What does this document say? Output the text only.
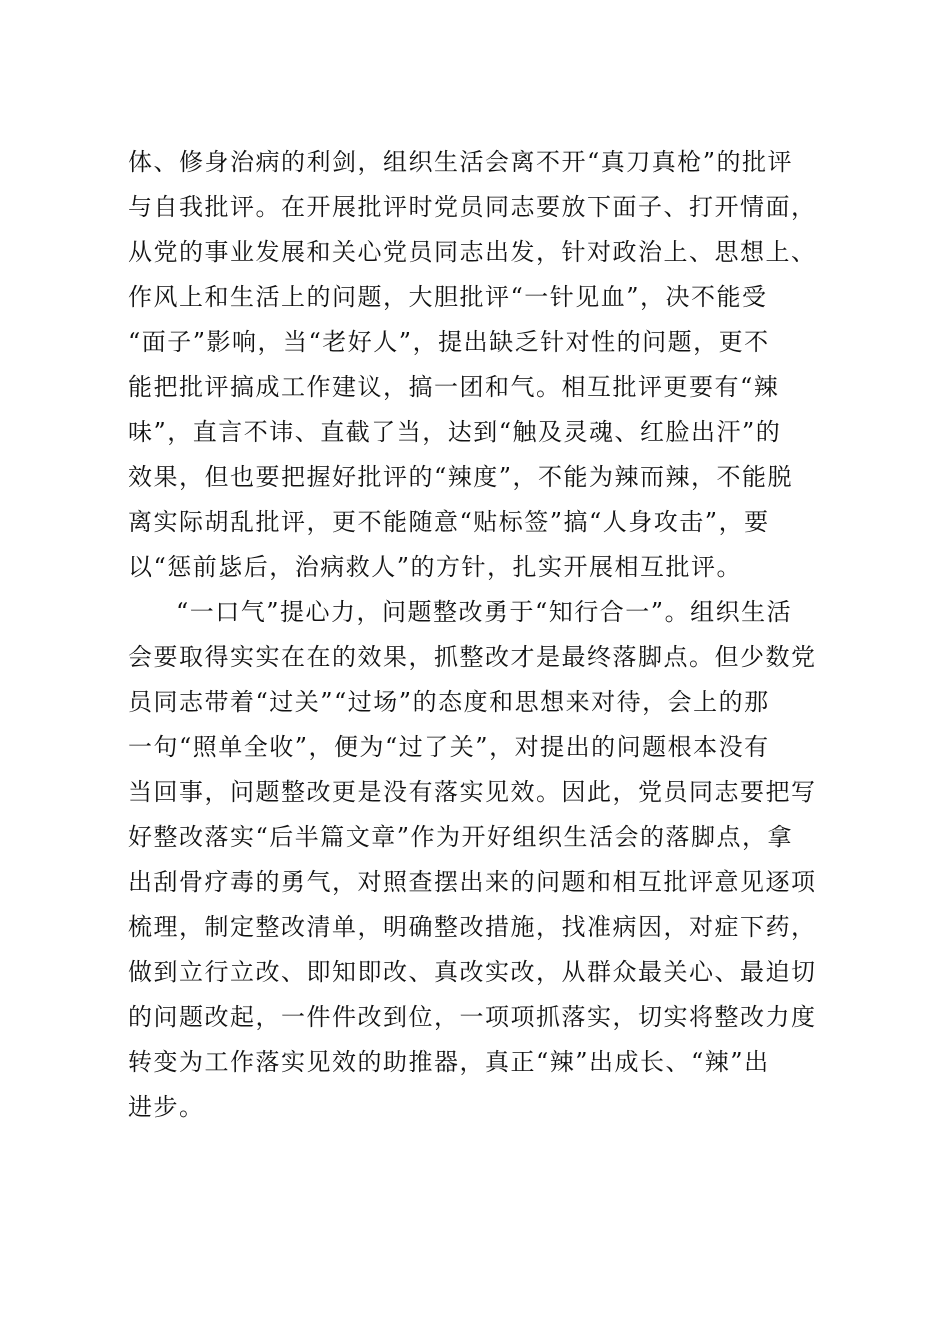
体、修身治病的利剑，组织生活会离不开“真刀真枪”的批评
与自我批评。在开展批评时党员同志要放下面子、打开情面，
从党的事业发展和关心党员同志出发，针对政治上、思想上、
作风上和生活上的问题，大胆批评“一针见血”，决不能受
“面子”影响，当“老好人”，提出缺乏针对性的问题，更不
能把批评搞成工作建议，搞一团和气。相互批评更要有“辣
味”，直言不讳、直截了当，达到“触及灵魂、红脸出汗”的
效果，但也要把握好批评的“辣度”，不能为辣而辣，不能脱
离实际胡乱批评，更不能随意“贴标签”搞“人身攻击”，要
以“惩前毖后，治病救人”的方针，扎实开展相互批评。
“一口气”提心力，问题整改勇于“知行合一”。组织生活
会要取得实实在在的效果，抓整改才是最终落脚点。但少数党
员同志带着“过关”“过场”的态度和思想来对待，会上的那
一句“照单全收”，便为“过了关”，对提出的问题根本没有
当回事，问题整改更是没有落实见效。因此，党员同志要把写
好整改落实“后半篇文章”作为开好组织生活会的落脚点，拿
出刮骨疗毒的勇气，对照查摆出来的问题和相互批评意见逐项
梳理，制定整改清单，明确整改措施，找准病因，对症下药，
做到立行立改、即知即改、真改实改，从群众最关心、最迫切
的问题改起，一件件改到位，一项项抓落实，切实将整改力度
转变为工作落实见效的助推器，真正“辣”出成长、“辣”出
进步。
